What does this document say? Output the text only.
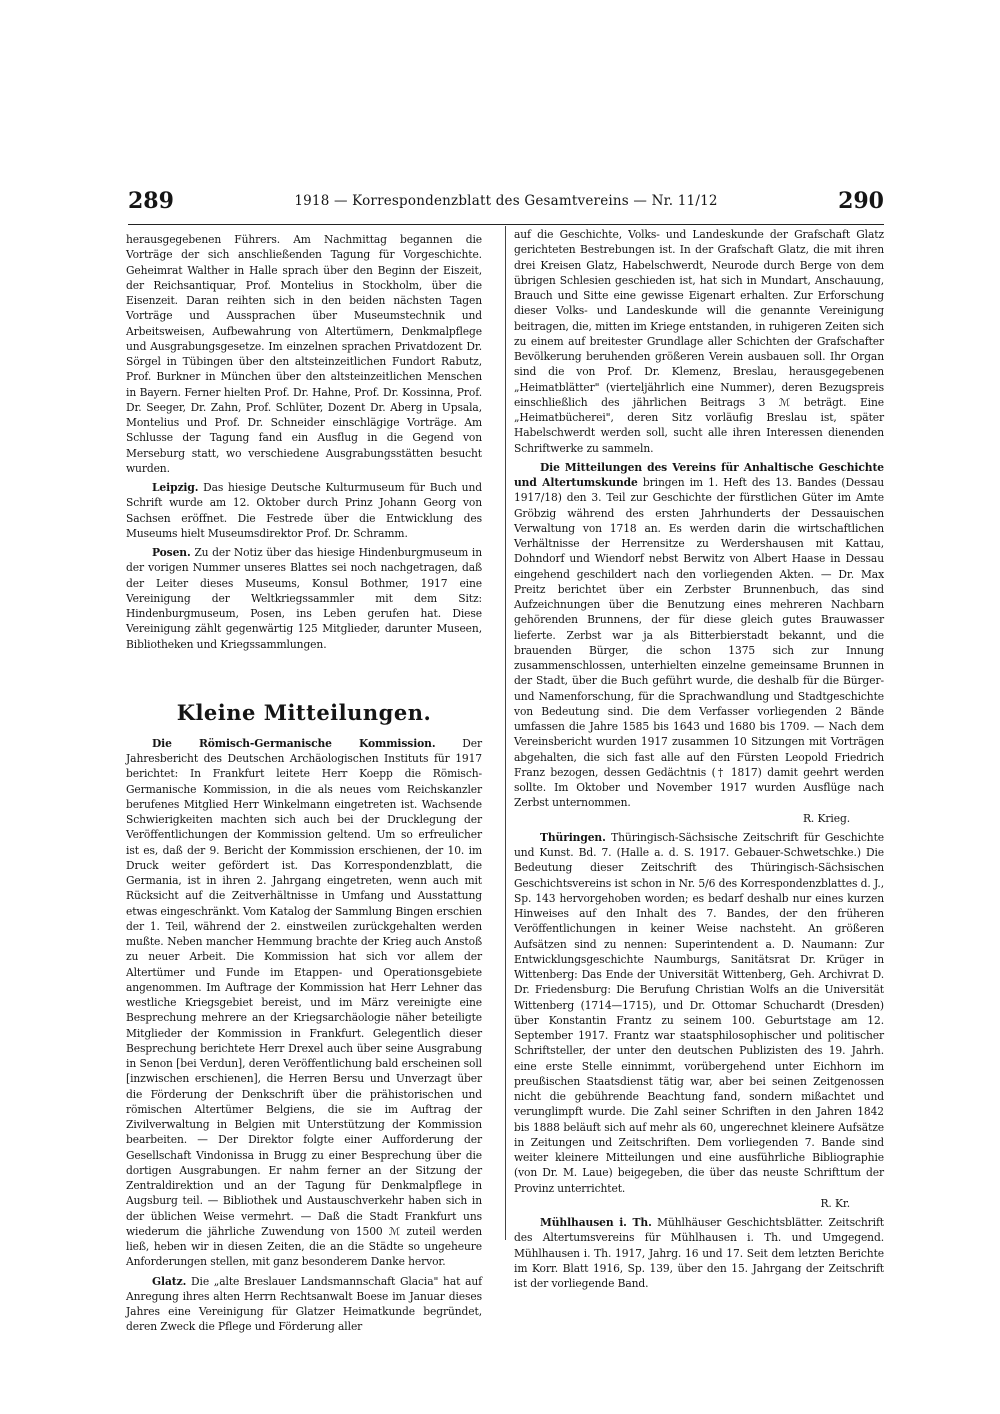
289	1918 — Korrespondenzblatt des Gesamtvereins — Nr. 11/12	290

herausgegebenen Führers. Am Nachmittag begannen die Vorträge der sich anschließenden Tagung für Vorgeschichte. Geheimrat Walther in Halle sprach über den Beginn der Eiszeit, der Reichsantiquar, Prof. Montelius in Stockholm, über die Eisenzeit. Daran reihten sich in den beiden nächsten Tagen Vorträge und Aussprachen über Museumstechnik und Arbeitsweisen, Aufbewahrung von Altertümern, Denkmalpflege und Ausgrabungsgesetze. Im einzelnen sprachen Privatdozent Dr. Sörgel in Tübingen über den altsteinzeitlichen Fundort Rabutz, Prof. Burkner in München über den altsteinzeitlichen Menschen in Bayern. Ferner hielten Prof. Dr. Hahne, Prof. Dr. Kossinna, Prof. Dr. Seeger, Dr. Zahn, Prof. Schlüter, Dozent Dr. Aberg in Upsala, Montelius und Prof. Dr. Schneider einschlägige Vorträge. Am Schlusse der Tagung fand ein Ausflug in die Gegend von Merseburg statt, wo verschiedene Ausgrabungsstätten besucht wurden.

Leipzig. Das hiesige Deutsche Kulturmuseum für Buch und Schrift wurde am 12. Oktober durch Prinz Johann Georg von Sachsen eröffnet. Die Festrede über die Entwicklung des Museums hielt Museumsdirektor Prof. Dr. Schramm.

Posen. Zu der Notiz über das hiesige Hindenburgmuseum in der vorigen Nummer unseres Blattes sei noch nachgetragen, daß der Leiter dieses Museums, Konsul Bothmer, 1917 eine Vereinigung der Weltkriegssammler mit dem Sitz: Hindenburgmuseum, Posen, ins Leben gerufen hat. Diese Vereinigung zählt gegenwärtig 125 Mitglieder, darunter Museen, Bibliotheken und Kriegssammlungen.

Kleine Mitteilungen.

Die Römisch-Germanische Kommission.	Der Jahresbericht des Deutschen Archäologischen Instituts für 1917 berichtet: In Frankfurt leitete Herr Koepp die Römisch-Germanische Kommission, in die als neues vom Reichskanzler berufenes Mitglied Herr Winkelmann eingetreten ist. Wachsende Schwierigkeiten machten sich auch bei der Drucklegung der Veröffentlichungen der Kommission geltend. Um so erfreulicher ist es, daß der 9. Bericht der Kommission erschienen, der 10. im Druck weiter gefördert ist. Das Korrespondenzblatt, die Germania, ist in ihren 2. Jahrgang eingetreten, wenn auch mit Rücksicht auf die Zeitverhältnisse in Umfang und Ausstattung etwas eingeschränkt. Vom Katalog der Sammlung Bingen erschien der 1. Teil, während der 2. einstweilen zurückgehalten werden mußte. Neben mancher Hemmung brachte der Krieg auch Anstoß zu neuer Arbeit. Die Kommission hat sich vor allem der Altertümer und Funde im Etappen- und Operationsgebiete angenommen. Im Auftrage der Kommission hat Herr Lehner das westliche Kriegsgebiet bereist, und im März vereinigte eine Besprechung mehrere an der Kriegsarchäologie näher beteiligte Mitglieder der Kommission in Frankfurt. Gelegentlich dieser Besprechung berichtete Herr Drexel auch über seine Ausgrabung in Senon [bei Verdun], deren Veröffentlichung bald erscheinen soll [inzwischen erschienen], die Herren Bersu und Unverzagt über die Förderung der Denkschrift über die prähistorischen und römischen Altertümer Belgiens, die sie im Auftrag der Zivilverwaltung in Belgien mit Unterstützung der Kommission bearbeiten. — Der Direktor folgte einer Aufforderung der Gesellschaft Vindonissa in Brugg zu einer Besprechung über die dortigen Ausgrabungen. Er nahm ferner an der Sitzung der Zentraldirektion und an der Tagung für Denkmalpflege in Augsburg teil. — Bibliothek und Austauschverkehr haben sich in der üblichen Weise vermehrt. — Daß die Stadt Frankfurt uns wiederum die jährliche Zuwendung von 1500 ℳ zuteil werden ließ, heben wir in diesen Zeiten, die an die Städte so ungeheure Anforderungen stellen, mit ganz besonderem Danke hervor.

Glatz. Die „alte Breslauer Landsmannschaft Glacia" hat auf Anregung ihres alten Herrn Rechtsanwalt Boese im Januar dieses Jahres eine Vereinigung für Glatzer Heimatkunde begründet, deren Zweck die Pflege und Förderung aller

auf die Geschichte, Volks- und Landeskunde der Grafschaft Glatz gerichteten Bestrebungen ist. In der Grafschaft Glatz, die mit ihren drei Kreisen Glatz, Habelschwerdt, Neurode durch Berge von dem übrigen Schlesien geschieden ist, hat sich in Mundart, Anschauung, Brauch und Sitte eine gewisse Eigenart erhalten. Zur Erforschung dieser Volks- und Landeskunde will die genannte Vereinigung beitragen, die, mitten im Kriege entstanden, in ruhigeren Zeiten sich zu einem auf breitester Grundlage aller Schichten der Grafschafter Bevölkerung beruhenden größeren Verein ausbauen soll. Ihr Organ sind die von Prof. Dr. Klemenz, Breslau, herausgegebenen „Heimatblätter" (vierteljährlich eine Nummer), deren Bezugspreis einschließlich des jährlichen Beitrags 3 ℳ beträgt. Eine „Heimatbücherei", deren Sitz vorläufig Breslau ist, später Habelschwerdt werden soll, sucht alle ihren Interessen dienenden Schriftwerke zu sammeln.

Die Mitteilungen des Vereins für Anhaltische Geschichte und Altertumskunde bringen im 1. Heft des 13. Bandes (Dessau 1917/18) den 3. Teil zur Geschichte der fürstlichen Güter im Amte Gröbzig während des ersten Jahrhunderts der Dessauischen Verwaltung von 1718 an. Es werden darin die wirtschaftlichen Verhältnisse der Herrensitze zu Werdershausen mit Kattau, Dohndorf und Wiendorf nebst Berwitz von Albert Haase in Dessau eingehend geschildert nach den vorliegenden Akten. — Dr. Max Preitz berichtet über ein Zerbster Brunnenbuch, das sind Aufzeichnungen über die Benutzung eines mehreren Nachbarn gehörenden Brunnens, der für diese gleich gutes Brauwasser lieferte. Zerbst war ja als Bitterbierstadt bekannt, und die brauenden Bürger, die schon 1375 sich zur Innung zusammenschlossen, unterhielten einzelne gemeinsame Brunnen in der Stadt, über die Buch geführt wurde, die deshalb für die Bürger- und Namenforschung, für die Sprachwandlung und Stadtgeschichte von Bedeutung sind. Die dem Verfasser vorliegenden 2 Bände umfassen die Jahre 1585 bis 1643 und 1680 bis 1709. — Nach dem Vereinsbericht wurden 1917 zusammen 10 Sitzungen mit Vorträgen abgehalten, die sich fast alle auf den Fürsten Leopold Friedrich Franz bezogen, dessen Gedächtnis († 1817) damit geehrt werden sollte. Im Oktober und November 1917 wurden Ausflüge nach Zerbst unternommen.
R. Krieg.

Thüringen. Thüringisch-Sächsische Zeitschrift für Geschichte und Kunst. Bd. 7. (Halle a. d. S. 1917. Gebauer-Schwetschke.) Die Bedeutung dieser Zeitschrift des Thüringisch-Sächsischen Geschichtsvereins ist schon in Nr. 5/6 des Korrespondenzblattes d. J., Sp. 143 hervorgehoben worden; es bedarf deshalb nur eines kurzen Hinweises auf den Inhalt des 7. Bandes, der den früheren Veröffentlichungen in keiner Weise nachsteht. An größeren Aufsätzen sind zu nennen: Superintendent a. D. Naumann: Zur Entwicklungsgeschichte Naumburgs, Sanitätsrat Dr. Krüger in Wittenberg: Das Ende der Universität Wittenberg, Geh. Archivrat D. Dr. Friedensburg: Die Berufung Christian Wolfs an die Universität Wittenberg (1714—1715), und Dr. Ottomar Schuchardt (Dresden) über Konstantin Frantz zu seinem 100. Geburtstage am 12. September 1917. Frantz war staatsphilosophischer und politischer Schriftsteller, der unter den deutschen Publizisten des 19. Jahrh. eine erste Stelle einnimmt, vorübergehend unter Eichhorn im preußischen Staatsdienst tätig war, aber bei seinen Zeitgenossen nicht die gebührende Beachtung fand, sondern mißachtet und verunglimpft wurde. Die Zahl seiner Schriften in den Jahren 1842 bis 1888 beläuft sich auf mehr als 60, ungerechnet kleinere Aufsätze in Zeitungen und Zeitschriften. Dem vorliegenden 7. Bande sind weiter kleinere Mitteilungen und eine ausführliche Bibliographie (von Dr. M. Laue) beigegeben, die über das neuste Schrifttum der Provinz unterrichtet.
R. Kr.

Mühlhausen i. Th. Mühlhäuser Geschichtsblätter. Zeitschrift des Altertumsvereins für Mühlhausen i. Th. und Umgegend. Mühlhausen i. Th. 1917, Jahrg. 16 und 17. Seit dem letzten Berichte im Korr. Blatt 1916, Sp. 139, über den 15. Jahrgang der Zeitschrift ist der vorliegende Band.
